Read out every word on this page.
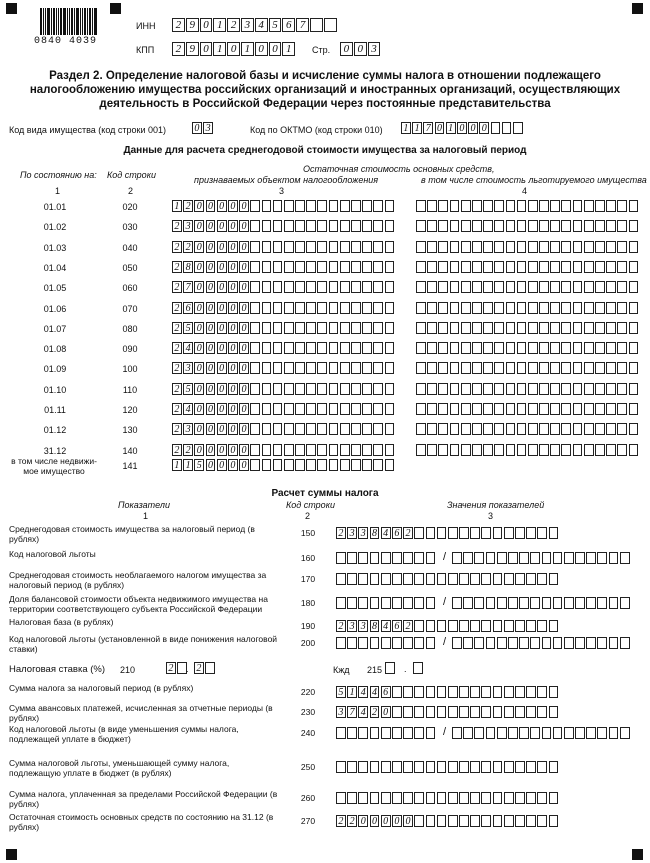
0840 4039
ИНН	2 9 0 1 2 3 4 5 6 7
КПП	2 9 0 1 0 1 0 0 1	Стр.	0 0 3
Раздел 2. Определение налоговой базы и исчисление суммы налога в отношении подлежащего
налогообложению имущества российских организаций и иностранных организаций, осуществляющих
деятельность в Российской Федерации через постоянные представительства
Код вида имущества (код строки 001)	0 3	Код по ОКТМО (код строки 010) 1 1 7 0 1 0 0 0
Данные для расчета среднегодовой стоимости имущества за налоговый период
По состоянию на: Код строки
Остаточная стоимость основных средств,
признаваемых объектом налогообложения	в том числе стоимость льготируемого имущества
1	2	3	4
01.01	020	1 2 0 0 0 0 0
01.02	030	2 3 0 0 0 0 0
01.03	040	2 2 0 0 0 0 0
01.04	050	2 8 0 0 0 0 0
01.05	060	2 7 0 0 0 0 0
01.06	070	2 6 0 0 0 0 0
01.07	080	2 5 0 0 0 0 0
01.08	090	2 4 0 0 0 0 0
01.09	100	2 3 0 0 0 0 0
01.10	110	2 5 0 0 0 0 0
01.11	120	2 4 0 0 0 0 0
01.12	130	2 3 0 0 0 0 0
31.12	140	2 2 0 0 0 0 0
в том числе недвижи-
мое имущество	141	1 1 5 0 0 0 0
Расчет суммы налога
Показатели	Код строки	Значения показателей
1	2	3
Среднегодовая стоимость имущества за налоговый период (в рублях)
150 2 3 3 8 4 6 2
Код налоговой льготы	160	/
Среднегодовая стоимость необлагаемого налогом имущества за налоговый период (в рублях)
170
Доля балансовой стоимости объекта недвижимого имущества на территории соответствующего субъекта Российской Федерации
180	/
Налоговая база (в рублях)	190 2 3 3 8 4 6 2
Код налоговой льготы (установленной в виде понижения налоговой ставки)
200	/
Сумма налога за налоговый период (в рублях)	220 5 1 4 4 6
Сумма авансовых платежей, исчисленная за отчетные периоды (в рублях)
230 3 7 4 2 0
Код налоговой льготы (в виде уменьшения суммы налога, подлежащей уплате в бюджет)
240	/
Сумма налоговой льготы, уменьшающей сумму налога, подлежащую уплате в бюджет (в рублях)
250
Сумма налога, уплаченная за пределами Российской Федерации (в рублях)
260
Остаточная стоимость основных средств по состоянию на 31.12 (в рублях)
270 2 2 0 0 0 0 0
Налоговая ставка (%)	210	2 . 2	Кжд 215 .
